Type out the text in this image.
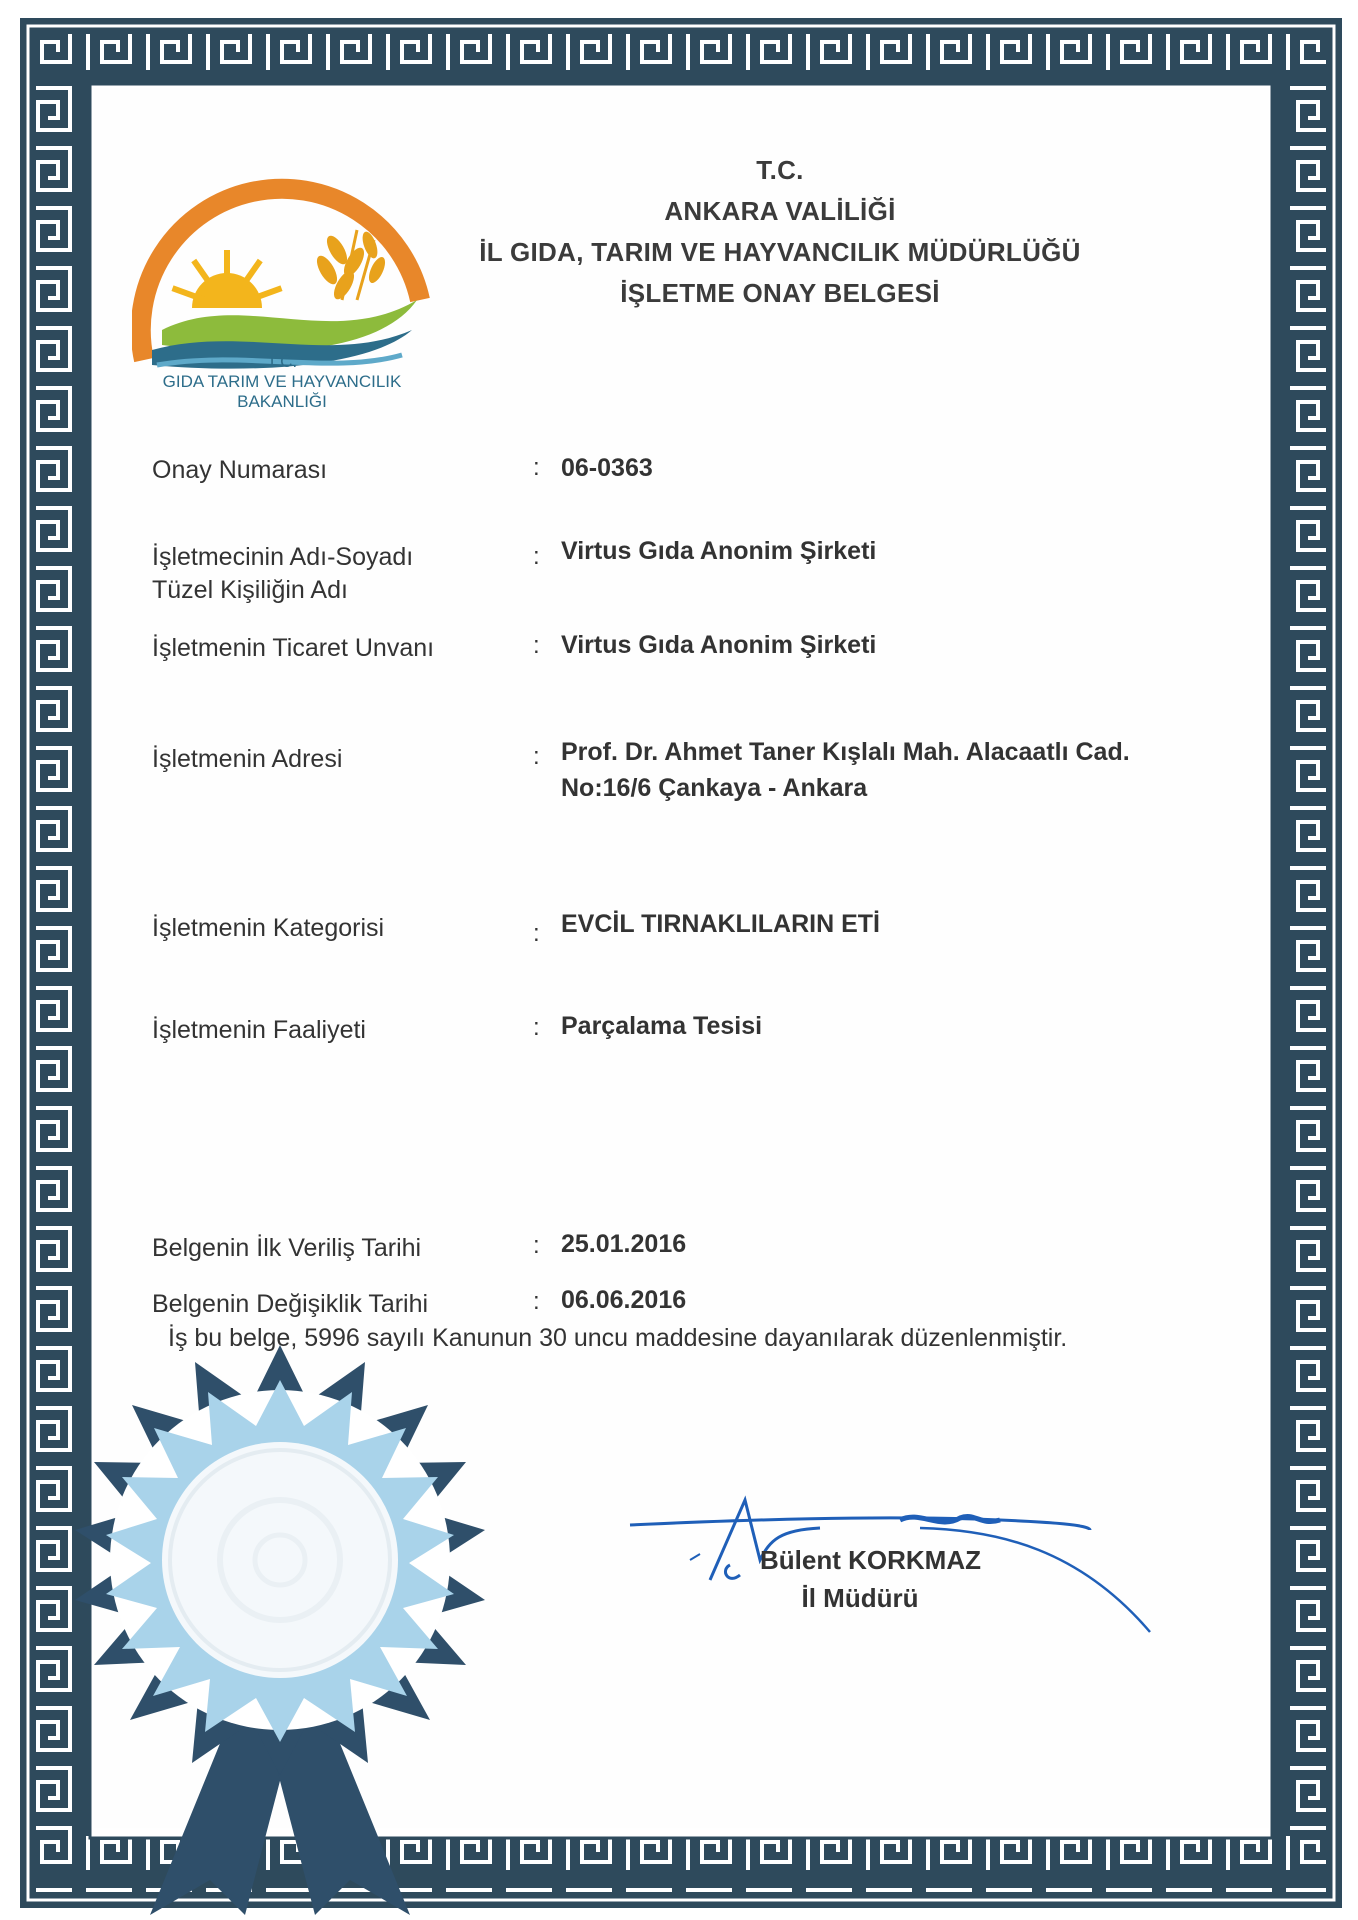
T.C.
GIDA TARIM VE HAYVANCILIK
BAKANLIĞI
T.C.
ANKARA VALİLİĞİ
İL GIDA, TARIM VE HAYVANCILIK MÜDÜRLÜĞÜ
İŞLETME ONAY BELGESİ
Onay Numarası	: 06-0363
İşletmecinin Adı-Soyadı
Tüzel Kişiliğin Adı
: Virtus Gıda Anonim Şirketi
İşletmenin Ticaret Unvanı	: Virtus Gıda Anonim Şirketi
İşletmenin Adresi	: Prof. Dr. Ahmet Taner Kışlalı Mah. Alacaatlı Cad.
No:16/6 Çankaya - Ankara
İşletmenin Kategorisi	: EVCİL TIRNAKLILARIN ETİ
İşletmenin Faaliyeti	: Parçalama Tesisi
Belgenin İlk Veriliş Tarihi	: 25.01.2016
Belgenin Değişiklik Tarihi	: 06.06.2016
İş bu belge, 5996 sayılı Kanunun 30 uncu maddesine dayanılarak düzenlenmiştir.
Bülent KORKMAZ
İl Müdürü
